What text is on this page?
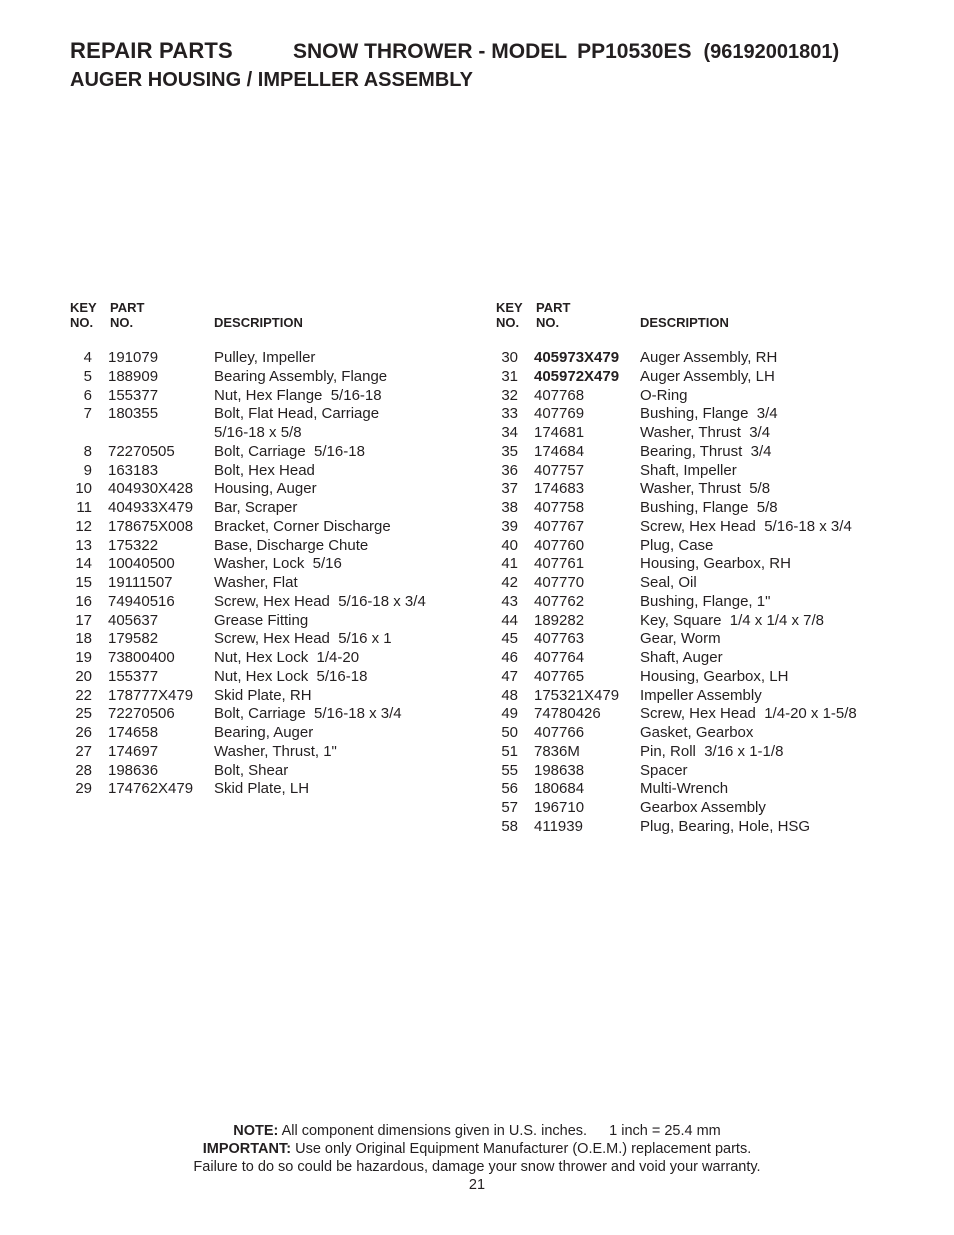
REPAIR PARTS	SNOW THROWER - MODEL PP10530ES (96192001801)
AUGER HOUSING / IMPELLER ASSEMBLY
KEY
NO.
PART
NO.	DESCRIPTION
4 191079	Pulley, Impeller
5 188909	Bearing Assembly, Flange
6 155377	Nut, Hex Flange  5/16-18
7 180355	Bolt, Flat Head, Carriage
5/16-18 x 5/8
8 72270505	Bolt, Carriage  5/16-18
9 163183	Bolt, Hex Head
10 404930X428	Housing, Auger
11 404933X479	Bar, Scraper
12 178675X008	Bracket, Corner Discharge
13 175322	Base, Discharge Chute
14 10040500	Washer, Lock  5/16
15 19111507	Washer, Flat
16 74940516	Screw, Hex Head  5/16-18 x 3/4
17 405637	Grease Fitting
18 179582	Screw, Hex Head  5/16 x 1
19 73800400	Nut, Hex Lock  1/4-20
20 155377	Nut, Hex Lock  5/16-18
22 178777X479	Skid Plate, RH
25 72270506	Bolt, Carriage  5/16-18 x 3/4
26 174658	Bearing, Auger
27 174697	Washer, Thrust, 1"
28 198636	Bolt, Shear
29 174762X479	Skid Plate, LH
KEY
NO.
PART
NO.	DESCRIPTION
30 405973X479	Auger Assembly, RH
31 405972X479	Auger Assembly, LH
32 407768	O-Ring
33 407769	Bushing, Flange  3/4
34 174681	Washer, Thrust  3/4
35 174684	Bearing, Thrust  3/4
36 407757	Shaft, Impeller
37 174683	Washer, Thrust  5/8
38 407758	Bushing, Flange  5/8
39 407767	Screw, Hex Head  5/16-18 x 3/4
40 407760	Plug, Case
41 407761	Housing, Gearbox, RH
42 407770	Seal, Oil
43 407762	Bushing, Flange, 1"
44 189282	Key, Square  1/4 x 1/4 x 7/8
45 407763	Gear, Worm
46 407764	Shaft, Auger
47 407765	Housing, Gearbox, LH
48 175321X479	Impeller Assembly
49 74780426	Screw, Hex Head  1/4-20 x 1-5/8
50 407766	Gasket, Gearbox
51 7836M	Pin, Roll  3/16 x 1-1/8
55 198638	Spacer
56 180684	Multi-Wrench
57 196710	Gearbox Assembly
58 411939	Plug, Bearing, Hole, HSG
NOTE: All component dimensions given in U.S. inches. 1 inch = 25.4 mm
IMPORTANT: Use only Original Equipment Manufacturer (O.E.M.) replacement parts.
Failure to do so could be hazardous, damage your snow thrower and void your warranty.
21
